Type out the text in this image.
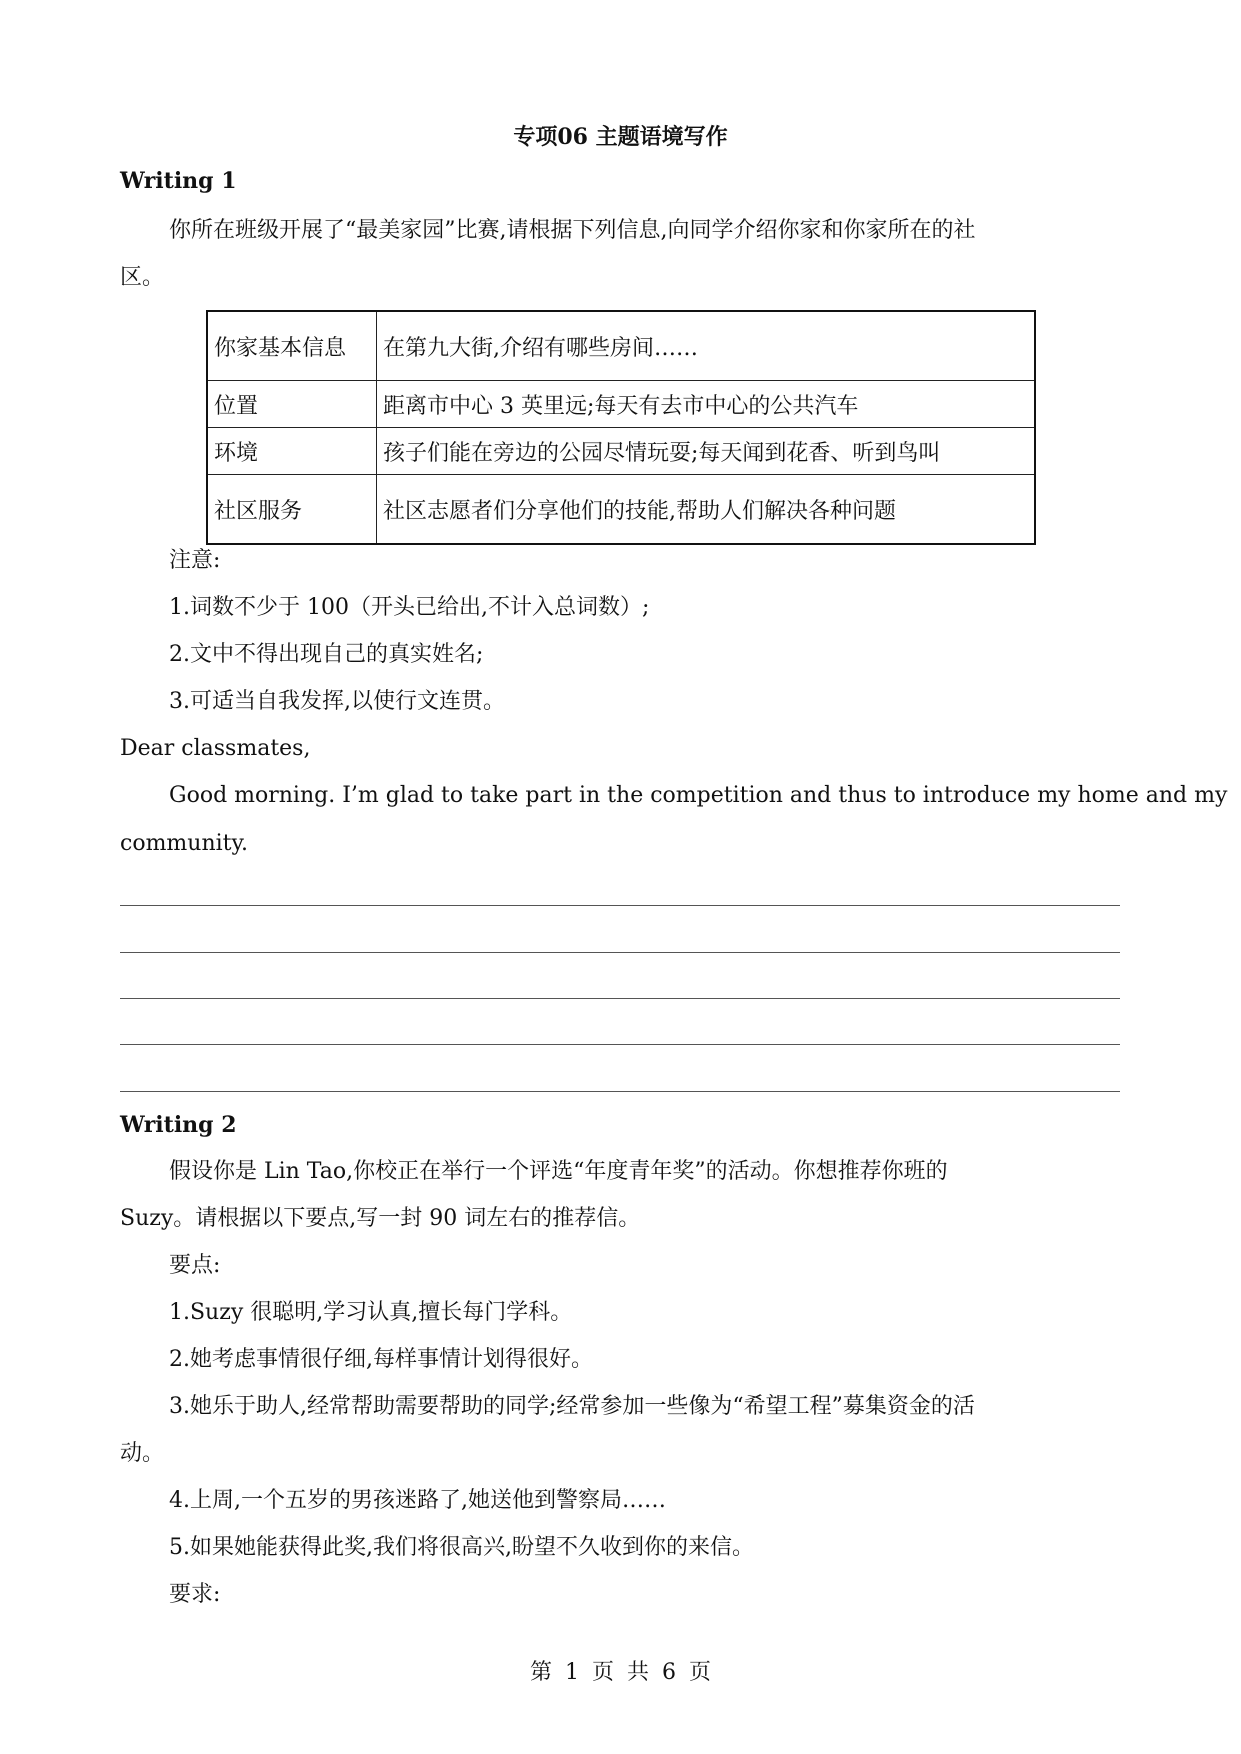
专项06 主题语境写作
Writing 1
你所在班级开展了“最美家园”比赛,请根据下列信息,向同学介绍你家和你家所在的社
区。
你家基本信息	在第九大街,介绍有哪些房间……
位置	距离市中心 3 英里远;每天有去市中心的公共汽车
环境	孩子们能在旁边的公园尽情玩耍;每天闻到花香、听到鸟叫
社区服务	社区志愿者们分享他们的技能,帮助人们解决各种问题
注意:
1.词数不少于 100（开头已给出,不计入总词数）;
2.文中不得出现自己的真实姓名;
3.可适当自我发挥,以使行文连贯。
Dear classmates,
Good morning. I’m glad to take part in the competition and thus to introduce my home and my
community.
Writing 2
假设你是 Lin Tao,你校正在举行一个评选“年度青年奖”的活动。你想推荐你班的
Suzy。请根据以下要点,写一封 90 词左右的推荐信。
要点:
1.Suzy 很聪明,学习认真,擅长每门学科。
2.她考虑事情很仔细,每样事情计划得很好。
3.她乐于助人,经常帮助需要帮助的同学;经常参加一些像为“希望工程”募集资金的活
动。
4.上周,一个五岁的男孩迷路了,她送他到警察局……
5.如果她能获得此奖,我们将很高兴,盼望不久收到你的来信。
要求:
第 1 页 共 6 页
